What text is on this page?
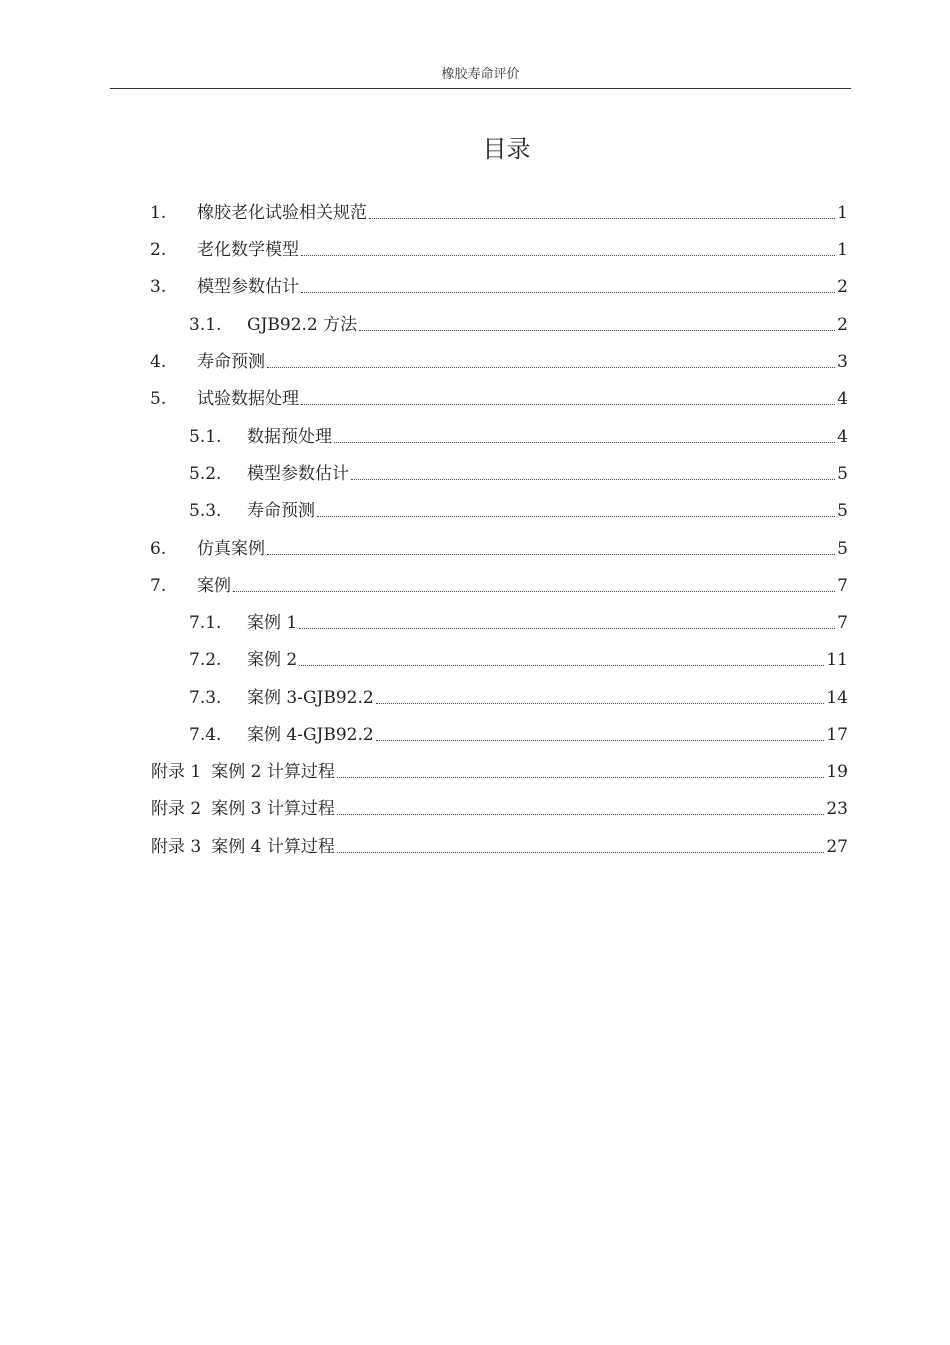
橡胶寿命评价
目录
1.	橡胶老化试验相关规范	1
2.	老化数学模型	1
3.	模型参数估计	2
3.1.	GJB92.2 方法	2
4.	寿命预测	3
5.	试验数据处理	4
5.1.	数据预处理	4
5.2.	模型参数估计	5
5.3.	寿命预测	5
6.	仿真案例	5
7.	案例	7
7.1.	案例 1	7
7.2.	案例 2	11
7.3.	案例 3-GJB92.2	14
7.4.	案例 4-GJB92.2	17
附录 1 案例 2 计算过程	19
附录 2 案例 3 计算过程	23
附录 3 案例 4 计算过程	27
